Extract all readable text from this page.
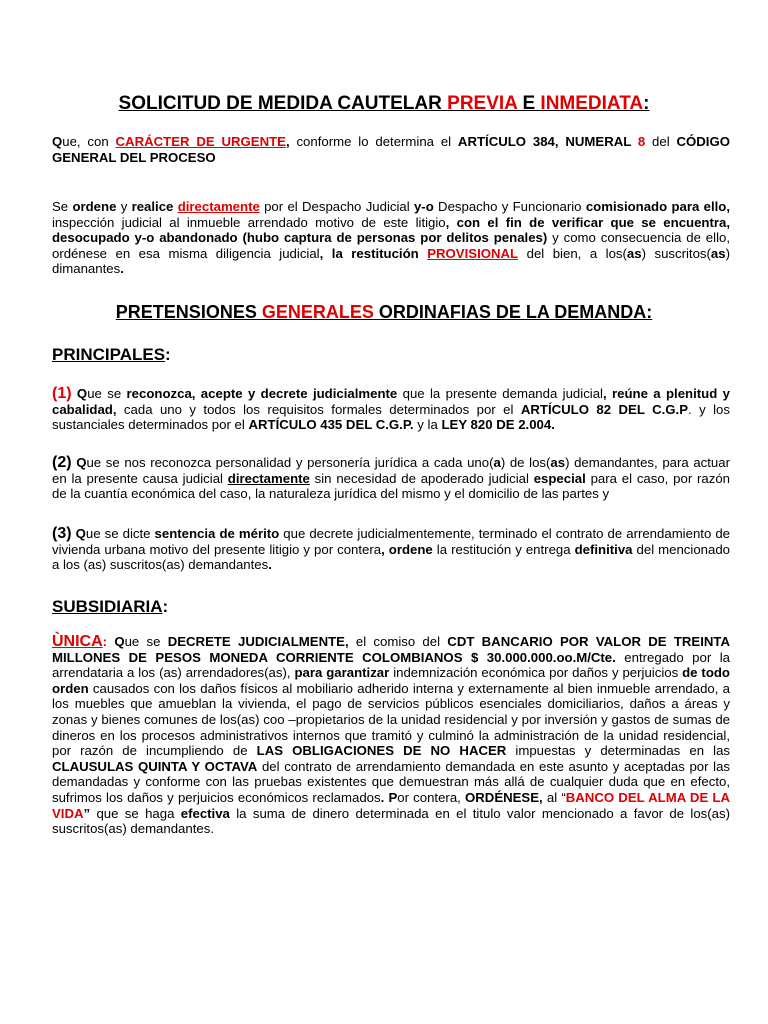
SOLICITUD DE MEDIDA CAUTELAR PREVIA E INMEDIATA:
Que, con CARÁCTER DE URGENTE, conforme lo determina el ARTÍCULO 384, NUMERAL 8 del CÓDIGO GENERAL DEL PROCESO
Se ordene y realice directamente por el Despacho Judicial y-o Despacho y Funcionario comisionado para ello, inspección judicial al inmueble arrendado motivo de este litigio, con el fin de verificar que se encuentra, desocupado y-o abandonado (hubo captura de personas por delitos penales) y como consecuencia de ello, ordénese en esa misma diligencia judicial, la restitución PROVISIONAL del bien, a los(as) suscritos(as) dimanantes.
PRETENSIONES GENERALES ORDINAFIAS DE LA DEMANDA:
PRINCIPALES:
(1) Que se reconozca, acepte y decrete judicialmente que la presente demanda judicial, reúne a plenitud y cabalidad, cada uno y todos los requisitos formales determinados por el ARTÍCULO 82 DEL C.G.P. y los sustanciales determinados por el ARTÍCULO 435 DEL C.G.P. y la LEY 820 DE 2.004.
(2) Que se nos reconozca personalidad y personería jurídica a cada uno(a) de los(as) demandantes, para actuar en la presente causa judicial directamente sin necesidad de apoderado judicial especial para el caso, por razón de la cuantía económica del caso, la naturaleza jurídica del mismo y el domicilio de las partes y
(3) Que se dicte sentencia de mérito que decrete judicialmentemente, terminado el contrato de arrendamiento de vivienda urbana motivo del presente litigio y por contera, ordene la restitución y entrega definitiva del mencionado a los (as) suscritos(as) demandantes.
SUBSIDIARIA:
ÙNICA: Que se DECRETE JUDICIALMENTE, el comiso del CDT BANCARIO POR VALOR DE TREINTA MILLONES DE PESOS MONEDA CORRIENTE COLOMBIANOS $ 30.000.000.oo.M/Cte. entregado por la arrendataria a los (as) arrendadores(as), para garantizar indemnización económica por daños y perjuicios de todo orden causados con los daños físicos al mobiliario adherido interna y externamente al bien inmueble arrendado, a los muebles que amueblan la vivienda, el pago de servicios públicos esenciales domiciliarios, daños a áreas y zonas y bienes comunes de los(as) coo –propietarios de la unidad residencial y por inversión y gastos de sumas de dineros en los procesos administrativos internos que tramitó y culminó la administración de la unidad residencial, por razón de incumpliendo de LAS OBLIGACIONES DE NO HACER impuestas y determinadas en las CLAUSULAS QUINTA Y OCTAVA del contrato de arrendamiento demandada en este asunto y aceptadas por las demandadas y conforme con las pruebas existentes que demuestran más allá de cualquier duda que en efecto, sufrimos los daños y perjuicios económicos reclamados. Por contera, ORDÉNESE, al “BANCO DEL ALMA DE LA VIDA” que se haga efectiva la suma de dinero determinada en el titulo valor mencionado a favor de los(as) suscritos(as) demandantes.
